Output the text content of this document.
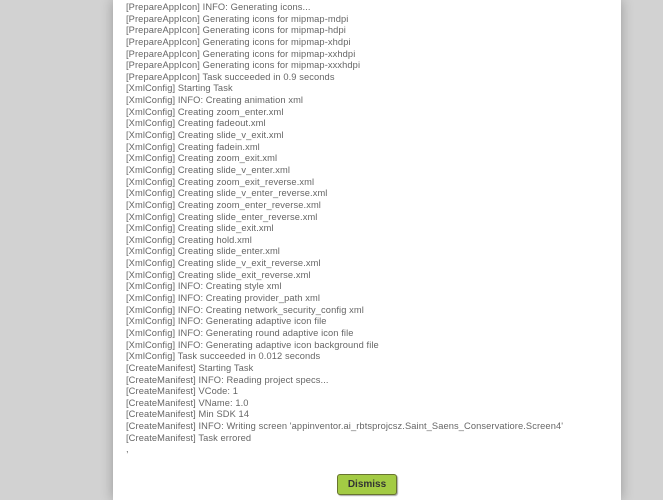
[PrepareAppIcon] INFO: Generating icons...
[PrepareAppIcon] Generating icons for mipmap-mdpi
[PrepareAppIcon] Generating icons for mipmap-hdpi
[PrepareAppIcon] Generating icons for mipmap-xhdpi
[PrepareAppIcon] Generating icons for mipmap-xxhdpi
[PrepareAppIcon] Generating icons for mipmap-xxxhdpi
[PrepareAppIcon] Task succeeded in 0.9 seconds
[XmlConfig] Starting Task
[XmlConfig] INFO: Creating animation xml
[XmlConfig] Creating zoom_enter.xml
[XmlConfig] Creating fadeout.xml
[XmlConfig] Creating slide_v_exit.xml
[XmlConfig] Creating fadein.xml
[XmlConfig] Creating zoom_exit.xml
[XmlConfig] Creating slide_v_enter.xml
[XmlConfig] Creating zoom_exit_reverse.xml
[XmlConfig] Creating slide_v_enter_reverse.xml
[XmlConfig] Creating zoom_enter_reverse.xml
[XmlConfig] Creating slide_enter_reverse.xml
[XmlConfig] Creating slide_exit.xml
[XmlConfig] Creating hold.xml
[XmlConfig] Creating slide_enter.xml
[XmlConfig] Creating slide_v_exit_reverse.xml
[XmlConfig] Creating slide_exit_reverse.xml
[XmlConfig] INFO: Creating style xml
[XmlConfig] INFO: Creating provider_path xml
[XmlConfig] INFO: Creating network_security_config xml
[XmlConfig] INFO: Generating adaptive icon file
[XmlConfig] INFO: Generating round adaptive icon file
[XmlConfig] INFO: Generating adaptive icon background file
[XmlConfig] Task succeeded in 0.012 seconds
[CreateManifest] Starting Task
[CreateManifest] INFO: Reading project specs...
[CreateManifest] VCode: 1
[CreateManifest] VName: 1.0
[CreateManifest] Min SDK 14
[CreateManifest] INFO: Writing screen 'appinventor.ai_rbtsprojcsz.Saint_Saens_Conservatiore.Screen4'
[CreateManifest] Task errored
,
Dismiss
